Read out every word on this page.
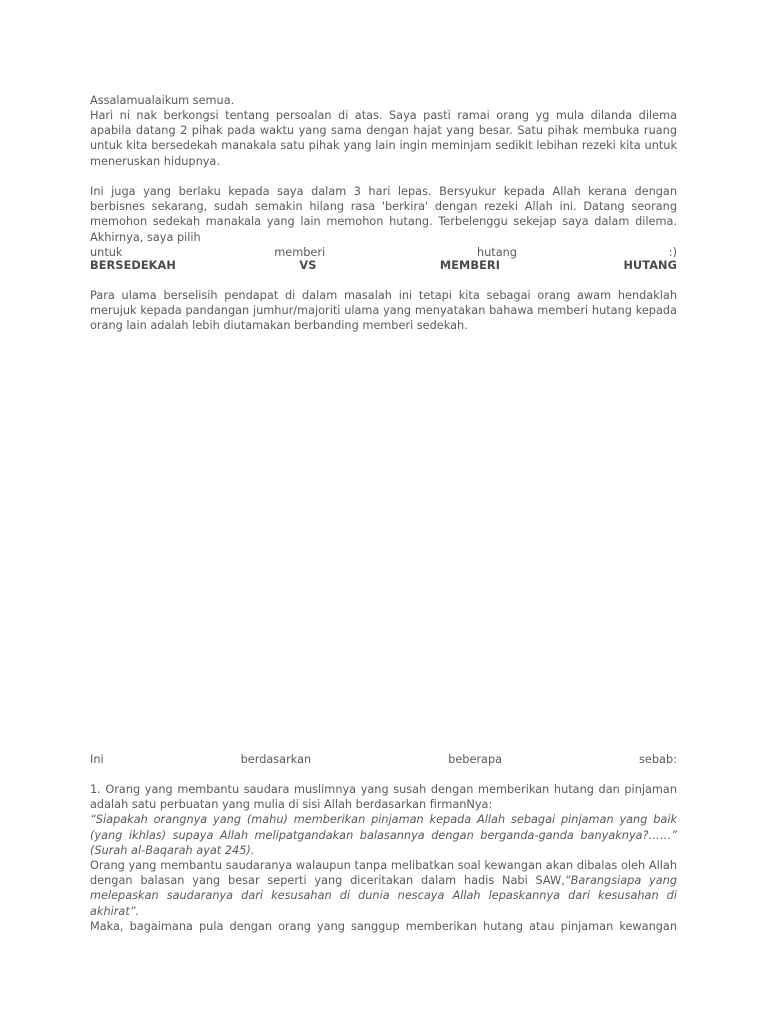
Assalamualaikum semua.

Hari ni nak berkongsi tentang persoalan di atas. Saya pasti ramai orang yg mula dilanda dilema apabila datang 2 pihak pada waktu yang sama dengan hajat yang besar. Satu pihak membuka ruang untuk kita bersedekah manakala satu pihak yang lain ingin meminjam sedikit lebihan rezeki kita untuk meneruskan hidupnya.

Ini juga yang berlaku kepada saya dalam 3 hari lepas. Bersyukur kepada Allah kerana dengan berbisnes sekarang, sudah semakin hilang rasa 'berkira' dengan rezeki Allah ini. Datang seorang memohon sedekah manakala yang lain memohon hutang. Terbelenggu sekejap saya dalam dilema. Akhirnya, saya pilih

untuk	memberi	hutang	:)
BERSEDEKAH	VS	MEMBERI	HUTANG

Para ulama berselisih pendapat di dalam masalah ini tetapi kita sebagai orang awam hendaklah merujuk kepada pandangan jumhur/majoriti ulama yang menyatakan bahawa memberi hutang kepada orang lain adalah lebih diutamakan berbanding memberi sedekah.

Ini	berdasarkan	beberapa	sebab:

1. Orang yang membantu saudara muslimnya yang susah dengan memberikan hutang dan pinjaman adalah satu perbuatan yang mulia di sisi Allah berdasarkan firmanNya:

“Siapakah orangnya yang (mahu) memberikan pinjaman kepada Allah sebagai pinjaman yang baik (yang ikhlas) supaya Allah melipatgandakan balasannya dengan berganda-ganda banyaknya?……” (Surah al-Baqarah ayat 245).

Orang yang membantu saudaranya walaupun tanpa melibatkan soal kewangan akan dibalas oleh Allah dengan balasan yang besar seperti yang diceritakan dalam hadis Nabi SAW,“Barangsiapa yang melepaskan saudaranya dari kesusahan di dunia nescaya Allah lepaskannya dari kesusahan di akhirat”.

Maka, bagaimana pula dengan orang yang sanggup memberikan hutang atau pinjaman kewangan
